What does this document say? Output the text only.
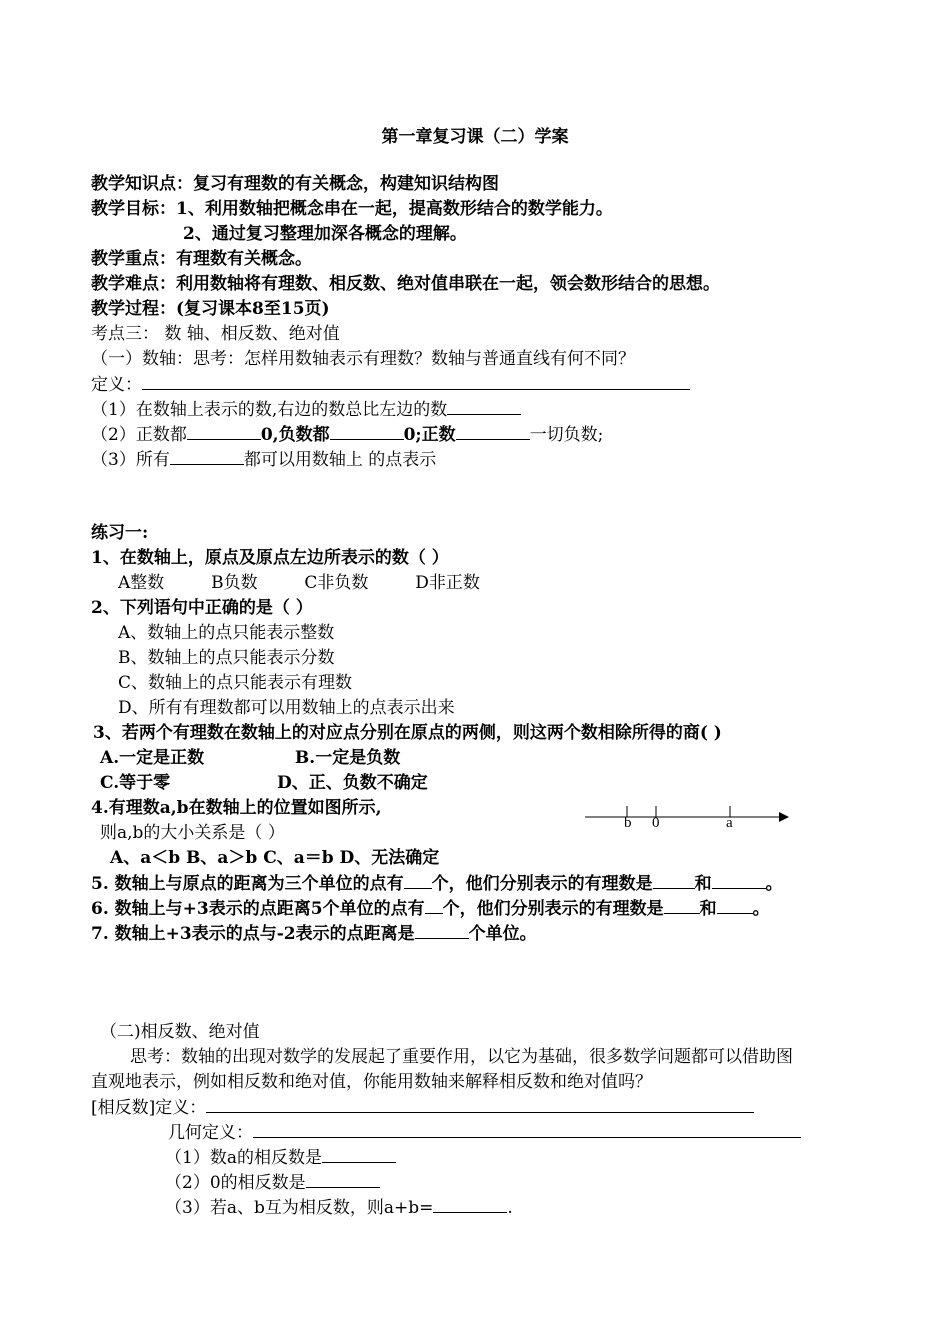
第一章复习课（二）学案
教学知识点：复习有理数的有关概念，构建知识结构图
教学目标：1、利用数轴把概念串在一起，提高数形结合的数学能力。
2、通过复习整理加深各概念的理解。
教学重点：有理数有关概念。
教学难点：利用数轴将有理数、相反数、绝对值串联在一起，领会数形结合的思想。
教学过程：(复习课本8至15页)
考点三： 数 轴、相反数、绝对值
（一）数轴：思考：怎样用数轴表示有理数？数轴与普通直线有何不同？
定义：
（1）在数轴上表示的数,右边的数总比左边的数
（2）正数都	0,负数都	0;正数	一切负数;
（3）所有	都可以用数轴上 的点表示
练习一:
1、在数轴上，原点及原点左边所表示的数（ ）
A整数	B负数	C非负数	D非正数
2、下列语句中正确的是（ ）
A、数轴上的点只能表示整数
B、数轴上的点只能表示分数
C、数轴上的点只能表示有理数
D、所有有理数都可以用数轴上的点表示出来
3、若两个有理数在数轴上的对应点分别在原点的两侧，则这两个数相除所得的商( )
A.一定是正数	B.一定是负数
C.等于零	D、正、负数不确定
4.有理数a,b在数轴上的位置如图所示,
则a,b的大小关系是（ ）
A、a＜b B、a＞b C、a＝b D、无法确定
b 0	a
5. 数轴上与原点的距离为三个单位的点有 个，他们分别表示的有理数是 和	。
6. 数轴上与+3表示的点距离5个单位的点有 个，他们分别表示的有理数是 和 。
7. 数轴上+3表示的点与-2表示的点距离是	个单位。
（二)相反数、绝对值
思考：数轴的出现对数学的发展起了重要作用，以它为基础，很多数学问题都可以借助图
直观地表示，例如相反数和绝对值，你能用数轴来解释相反数和绝对值吗？
[相反数]定义：
几何定义：
（1）数a的相反数是
（2）0的相反数是
（3）若a、b互为相反数，则a+b=	.
